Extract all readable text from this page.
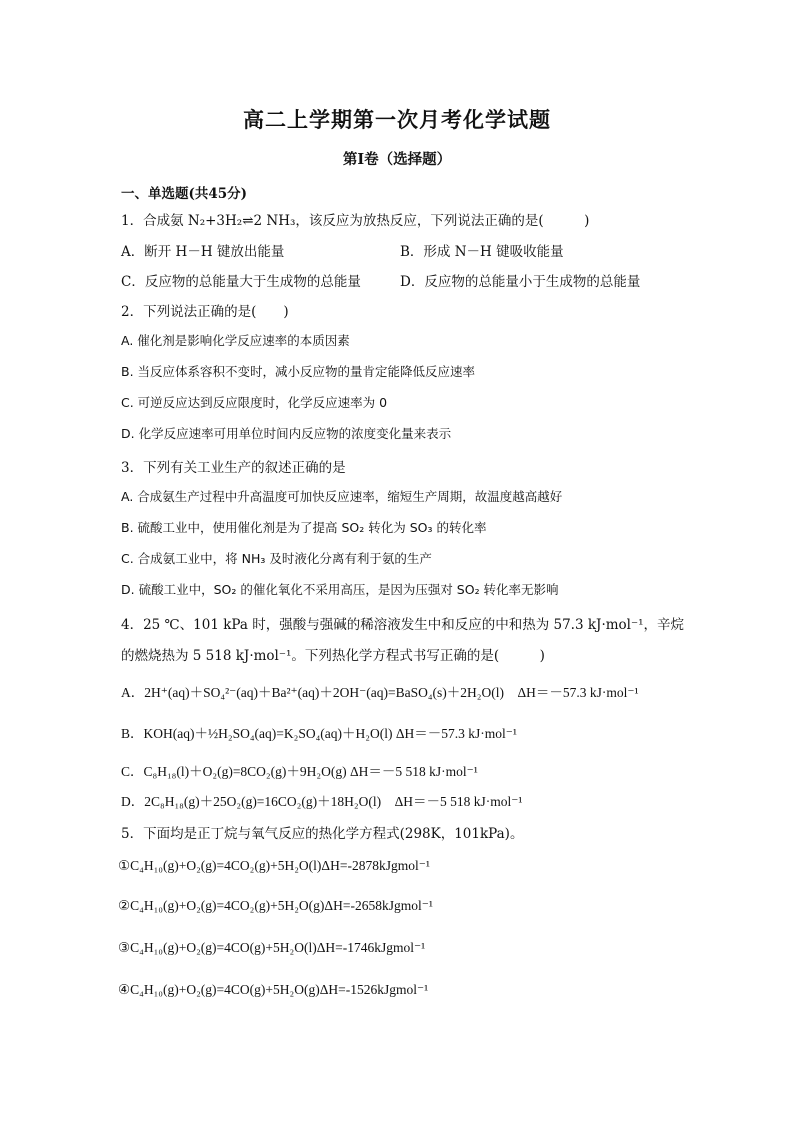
高二上学期第一次月考化学试题
第Ⅰ卷（选择题）
一、单选题(共45分)
1．合成氨 N₂+3H₂⇌2 NH₃，该反应为放热反应，下列说法正确的是(　　　)
A．断开 H－H 键放出能量	B．形成 N－H 键吸收能量
C．反应物的总能量大于生成物的总能量	D．反应物的总能量小于生成物的总能量
2．下列说法正确的是(　　)
A. 催化剂是影响化学反应速率的本质因素
B. 当反应体系容积不变时，减小反应物的量肯定能降低反应速率
C. 可逆反应达到反应限度时，化学反应速率为 0
D. 化学反应速率可用单位时间内反应物的浓度变化量来表示
3．下列有关工业生产的叙述正确的是
A. 合成氨生产过程中升高温度可加快反应速率，缩短生产周期，故温度越高越好
B. 硫酸工业中，使用催化剂是为了提高 SO₂ 转化为 SO₃ 的转化率
C. 合成氨工业中，将 NH₃ 及时液化分离有利于氨的生产
D. 硫酸工业中，SO₂ 的催化氧化不采用高压，是因为压强对 SO₂ 转化率无影响
4．25 ℃、101 kPa 时，强酸与强碱的稀溶液发生中和反应的中和热为 57.3 kJ·mol⁻¹，辛烷
的燃烧热为 5 518 kJ·mol⁻¹。下列热化学方程式书写正确的是(　　　)
A．2H⁺(aq)＋SO₄²⁻(aq)＋Ba²⁺(aq)＋2OH⁻(aq)=BaSO₄(s)＋2H₂O(l)　ΔH＝－57.3 kJ·mol⁻¹
B．KOH(aq)＋½H₂SO₄(aq)=K₂SO₄(aq)＋H₂O(l) ΔH＝－57.3 kJ·mol⁻¹
C．C₈H₁₈(l)＋O₂(g)=8CO₂(g)＋9H₂O(g) ΔH＝－5 518 kJ·mol⁻¹
D．2C₈H₁₈(g)＋25O₂(g)=16CO₂(g)＋18H₂O(l)　ΔH＝－5 518 kJ·mol⁻¹
5．下面均是正丁烷与氧气反应的热化学方程式(298K，101kPa)。
①C₄H₁₀(g)+O₂(g)=4CO₂(g)+5H₂O(l)ΔH=-2878kJgmol⁻¹
②C₄H₁₀(g)+O₂(g)=4CO₂(g)+5H₂O(g)ΔH=-2658kJgmol⁻¹
③C₄H₁₀(g)+O₂(g)=4CO(g)+5H₂O(l)ΔH=-1746kJgmol⁻¹
④C₄H₁₀(g)+O₂(g)=4CO(g)+5H₂O(g)ΔH=-1526kJgmol⁻¹
